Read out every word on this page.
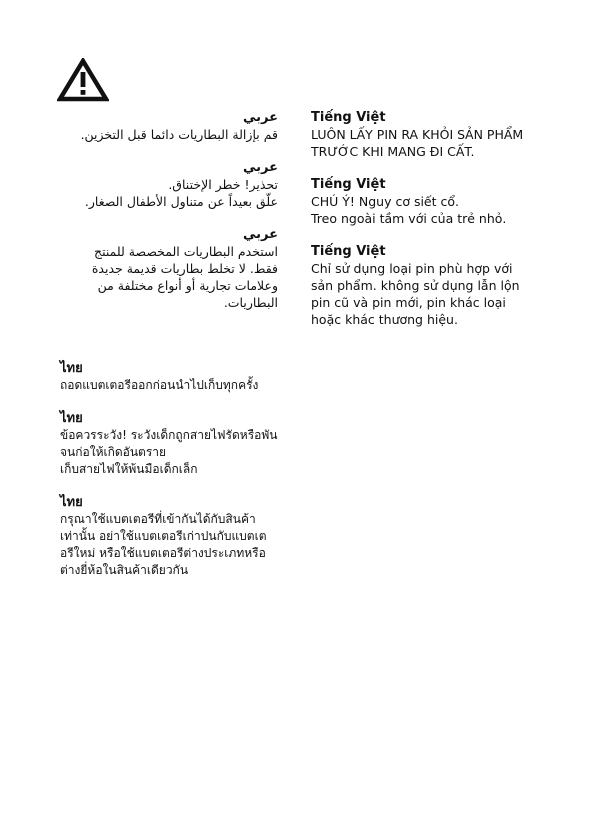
عربي

قم بإزالة البطاريات دائما قبل التخزين.

عربي

تحذير! خطر الإختناق.

علّق بعيداً عن متناول الأطفال الصغار.

عربي

استخدم البطاريات المخصصة للمنتج

فقط. لا تخلط بطاريات قديمة جديدة

وعلامات تجارية أو أنواع مختلفة من

البطاريات.

Tiếng Việt

LUÔN LẤY PIN RA KHỎI SẢN PHẨM

TRƯỚC KHI MANG ĐI CẤT.

Tiếng Việt

CHÚ Ý! Nguy cơ siết cổ.

Treo ngoài tầm với của trẻ nhỏ.

Tiếng Việt

Chỉ sử dụng loại pin phù hợp với

sản phẩm. không sử dụng lẫn lộn

pin cũ và pin mới, pin khác loại

hoặc khác thương hiệu.

ไทย

ถอดแบตเตอรีออกก่อนนำไปเก็บทุกครั้ง

ไทย

ข้อควรระวัง! ระวังเด็กถูกสายไฟรัดหรือพัน

จนก่อให้เกิดอันตราย

เก็บสายไฟให้พ้นมือเด็กเล็ก

ไทย

กรุณาใช้แบตเตอรีที่เข้ากันได้กับสินค้า

เท่านั้น อย่าใช้แบตเตอรีเก่าปนกับแบตเต

อรีใหม่ หรือใช้แบตเตอรีต่างประเภทหรือ

ต่างยี่ห้อในสินค้าเดียวกัน
